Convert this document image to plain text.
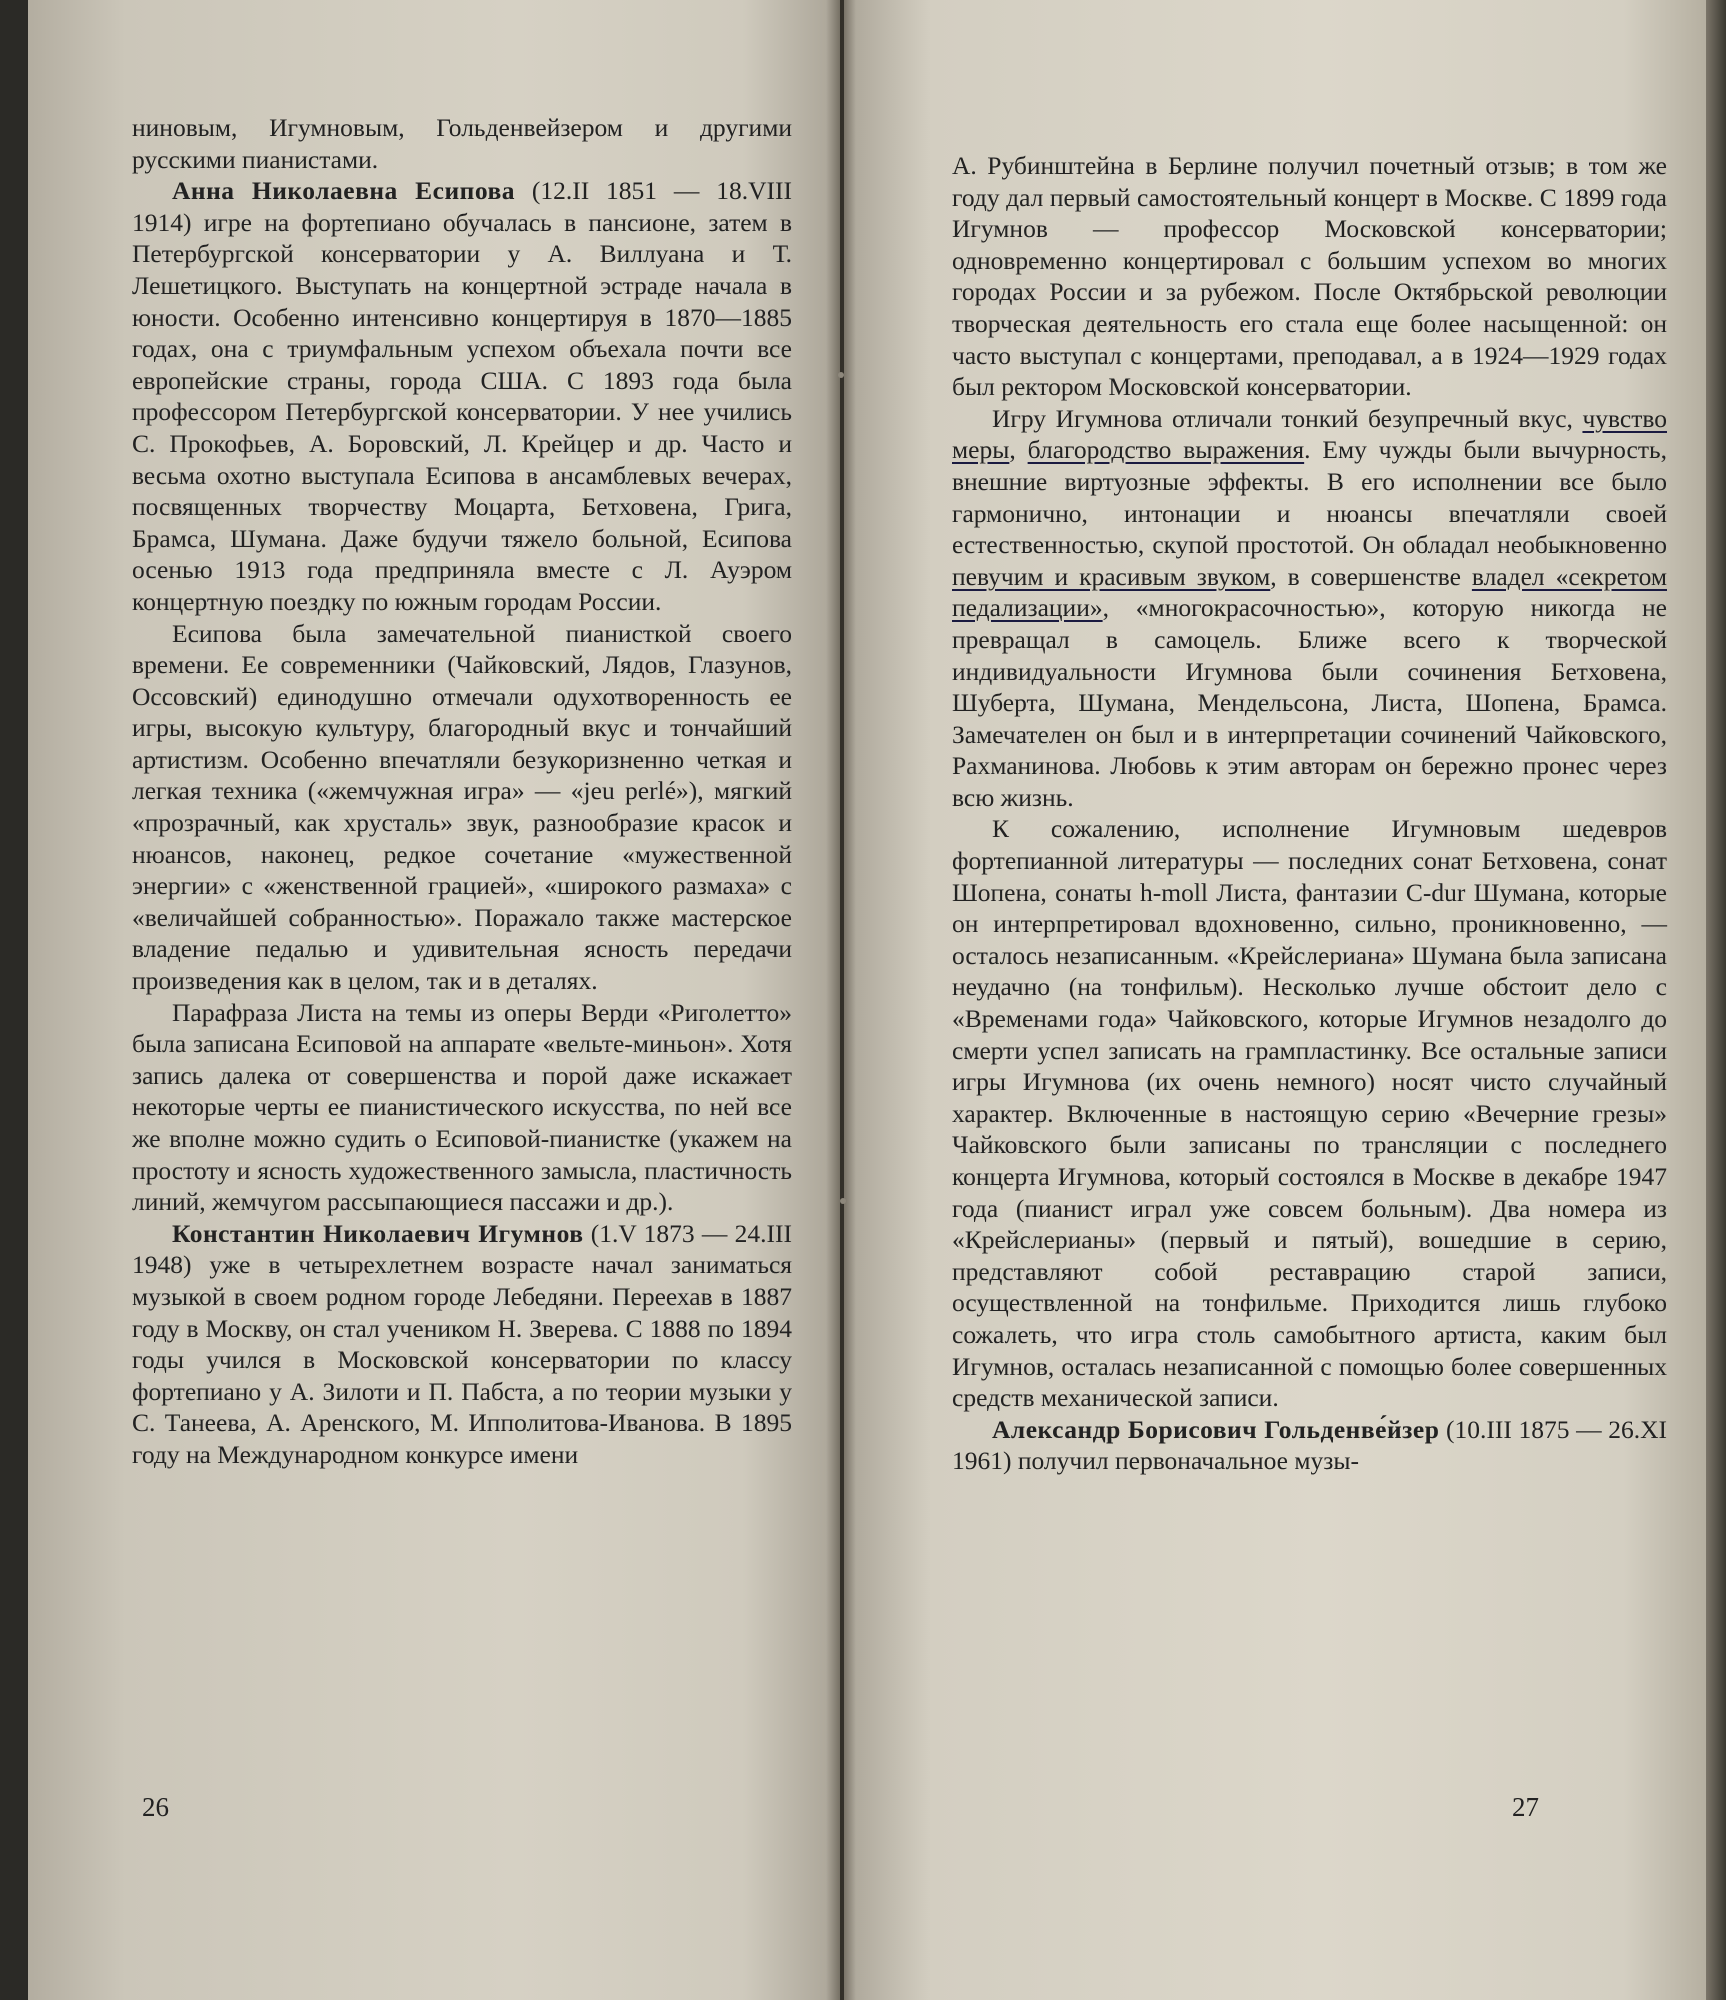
ниновым, Игумновым, Гольденвейзером и другими русскими пианистами.

Анна Николаевна Есипова (12.II 1851 — 18.VIII 1914) игре на фортепиано обучалась в пансионе, затем в Петербургской консерватории у А. Виллуана и Т. Лешетицкого. Выступать на концертной эстраде начала в юности. Особенно интенсивно концертируя в 1870—1885 годах, она с триумфальным успехом объехала почти все европейские страны, города США. С 1893 года была профессором Петербургской консерватории. У нее учились С. Прокофьев, А. Боровский, Л. Крейцер и др. Часто и весьма охотно выступала Есипова в ансамблевых вечерах, посвященных творчеству Моцарта, Бетховена, Грига, Брамса, Шумана. Даже будучи тяжело больной, Есипова осенью 1913 года предприняла вместе с Л. Ауэром концертную поездку по южным городам России.

Есипова была замечательной пианисткой своего времени. Ее современники (Чайковский, Лядов, Глазунов, Оссовский) единодушно отмечали одухотворенность ее игры, высокую культуру, благородный вкус и тончайший артистизм. Особенно впечатляли безукоризненно четкая и легкая техника («жемчужная игра» — «jeu perlé»), мягкий «прозрачный, как хрусталь» звук, разнообразие красок и нюансов, наконец, редкое сочетание «мужественной энергии» с «женственной грацией», «широкого размаха» с «величайшей собранностью». Поражало также мастерское владение педалью и удивительная ясность передачи произведения как в целом, так и в деталях.

Парафраза Листа на темы из оперы Верди «Риголетто» была записана Есиповой на аппарате «вельте-миньон». Хотя запись далека от совершенства и порой даже искажает некоторые черты ее пианистического искусства, по ней все же вполне можно судить о Есиповой-пианистке (укажем на простоту и ясность художественного замысла, пластичность линий, жемчугом рассыпающиеся пассажи и др.).

Константин Николаевич Игумнов (1.V 1873 — 24.III 1948) уже в четырехлетнем возрасте начал заниматься музыкой в своем родном городе Лебедяни. Переехав в 1887 году в Москву, он стал учеником Н. Зверева. С 1888 по 1894 годы учился в Московской консерватории по классу фортепиано у А. Зилоти и П. Пабста, а по теории музыки у С. Танеева, А. Аренского, М. Ипполитова-Иванова. В 1895 году на Международном конкурсе имени

26

А. Рубинштейна в Берлине получил почетный отзыв; в том же году дал первый самостоятельный концерт в Москве. С 1899 года Игумнов — профессор Московской консерватории; одновременно концертировал с большим успехом во многих городах России и за рубежом. После Октябрьской революции творческая деятельность его стала еще более насыщенной: он часто выступал с концертами, преподавал, а в 1924—1929 годах был ректором Московской консерватории.

Игру Игумнова отличали тонкий безупречный вкус, чувство меры, благородство выражения. Ему чужды были вычурность, внешние виртуозные эффекты. В его исполнении все было гармонично, интонации и нюансы впечатляли своей естественностью, скупой простотой. Он обладал необыкновенно певучим и красивым звуком, в совершенстве владел «секретом педализации», «многокрасочностью», которую никогда не превращал в самоцель. Ближе всего к творческой индивидуальности Игумнова были сочинения Бетховена, Шуберта, Шумана, Мендельсона, Листа, Шопена, Брамса. Замечателен он был и в интерпретации сочинений Чайковского, Рахманинова. Любовь к этим авторам он бережно пронес через всю жизнь.

К сожалению, исполнение Игумновым шедевров фортепианной литературы — последних сонат Бетховена, сонат Шопена, сонаты h-moll Листа, фантазии C-dur Шумана, которые он интерпретировал вдохновенно, сильно, проникновенно, — осталось незаписанным. «Крейслериана» Шумана была записана неудачно (на тонфильм). Несколько лучше обстоит дело с «Временами года» Чайковского, которые Игумнов незадолго до смерти успел записать на грампластинку. Все остальные записи игры Игумнова (их очень немного) носят чисто случайный характер. Включенные в настоящую серию «Вечерние грезы» Чайковского были записаны по трансляции с последнего концерта Игумнова, который состоялся в Москве в декабре 1947 года (пианист играл уже совсем больным). Два номера из «Крейслерианы» (первый и пятый), вошедшие в серию, представляют собой реставрацию старой записи, осуществленной на тонфильме. Приходится лишь глубоко сожалеть, что игра столь самобытного артиста, каким был Игумнов, осталась незаписанной с помощью более совершенных средств механической записи.

Александр Борисович Гольденве́йзер (10.III 1875 — 26.XI 1961) получил первоначальное музы-

27
